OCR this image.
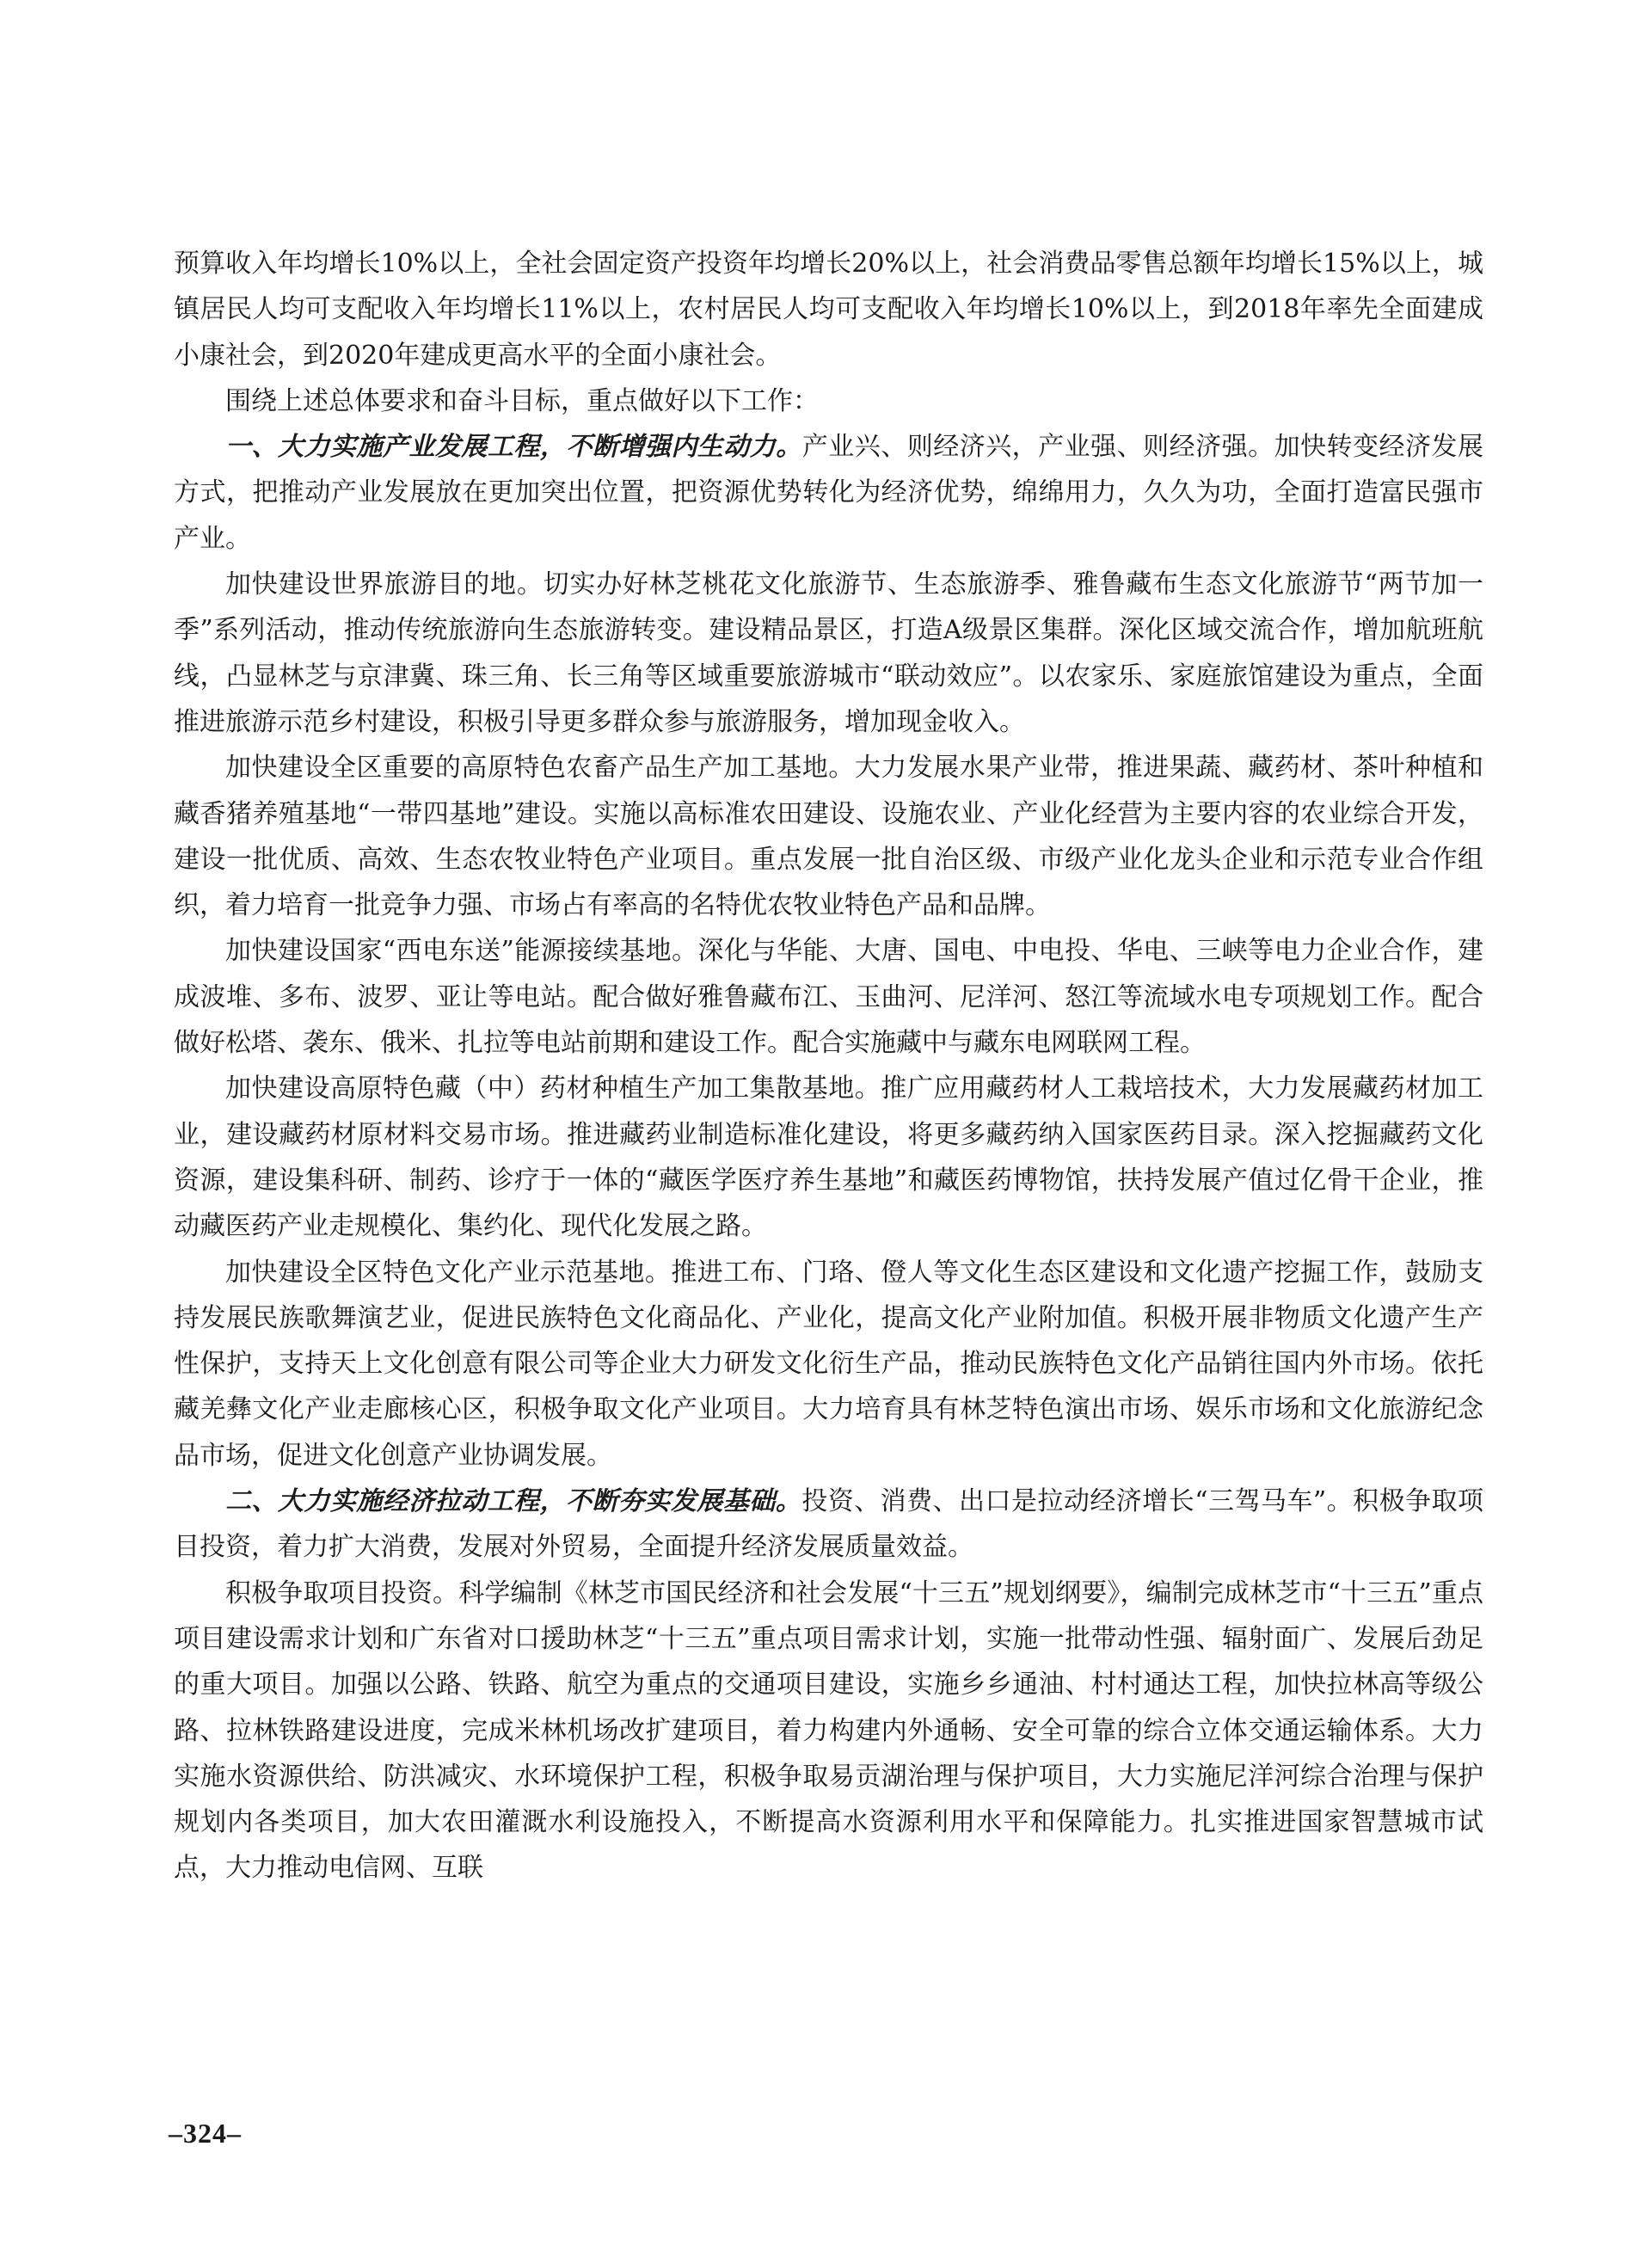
预算收入年均增长10%以上，全社会固定资产投资年均增长20%以上，社会消费品零售总额年均增长15%以上，城镇居民人均可支配收入年均增长11%以上，农村居民人均可支配收入年均增长10%以上，到2018年率先全面建成小康社会，到2020年建成更高水平的全面小康社会。

围绕上述总体要求和奋斗目标，重点做好以下工作：

一、大力实施产业发展工程，不断增强内生动力。产业兴、则经济兴，产业强、则经济强。加快转变经济发展方式，把推动产业发展放在更加突出位置，把资源优势转化为经济优势，绵绵用力，久久为功，全面打造富民强市产业。

加快建设世界旅游目的地。切实办好林芝桃花文化旅游节、生态旅游季、雅鲁藏布生态文化旅游节“两节加一季”系列活动，推动传统旅游向生态旅游转变。建设精品景区，打造A级景区集群。深化区域交流合作，增加航班航线，凸显林芝与京津冀、珠三角、长三角等区域重要旅游城市“联动效应”。以农家乐、家庭旅馆建设为重点，全面推进旅游示范乡村建设，积极引导更多群众参与旅游服务，增加现金收入。

加快建设全区重要的高原特色农畜产品生产加工基地。大力发展水果产业带，推进果蔬、藏药材、茶叶种植和藏香猪养殖基地“一带四基地”建设。实施以高标准农田建设、设施农业、产业化经营为主要内容的农业综合开发，建设一批优质、高效、生态农牧业特色产业项目。重点发展一批自治区级、市级产业化龙头企业和示范专业合作组织，着力培育一批竞争力强、市场占有率高的名特优农牧业特色产品和品牌。

加快建设国家“西电东送”能源接续基地。深化与华能、大唐、国电、中电投、华电、三峡等电力企业合作，建成波堆、多布、波罗、亚让等电站。配合做好雅鲁藏布江、玉曲河、尼洋河、怒江等流域水电专项规划工作。配合做好松塔、袭东、俄米、扎拉等电站前期和建设工作。配合实施藏中与藏东电网联网工程。

加快建设高原特色藏（中）药材种植生产加工集散基地。推广应用藏药材人工栽培技术，大力发展藏药材加工业，建设藏药材原材料交易市场。推进藏药业制造标准化建设，将更多藏药纳入国家医药目录。深入挖掘藏药文化资源，建设集科研、制药、诊疗于一体的“藏医学医疗养生基地”和藏医药博物馆，扶持发展产值过亿骨干企业，推动藏医药产业走规模化、集约化、现代化发展之路。

加快建设全区特色文化产业示范基地。推进工布、门珞、僜人等文化生态区建设和文化遗产挖掘工作，鼓励支持发展民族歌舞演艺业，促进民族特色文化商品化、产业化，提高文化产业附加值。积极开展非物质文化遗产生产性保护，支持天上文化创意有限公司等企业大力研发文化衍生产品，推动民族特色文化产品销往国内外市场。依托藏羌彝文化产业走廊核心区，积极争取文化产业项目。大力培育具有林芝特色演出市场、娱乐市场和文化旅游纪念品市场，促进文化创意产业协调发展。

二、大力实施经济拉动工程，不断夯实发展基础。投资、消费、出口是拉动经济增长“三驾马车”。积极争取项目投资，着力扩大消费，发展对外贸易，全面提升经济发展质量效益。

积极争取项目投资。科学编制《林芝市国民经济和社会发展“十三五”规划纲要》，编制完成林芝市“十三五”重点项目建设需求计划和广东省对口援助林芝“十三五”重点项目需求计划，实施一批带动性强、辐射面广、发展后劲足的重大项目。加强以公路、铁路、航空为重点的交通项目建设，实施乡乡通油、村村通达工程，加快拉林高等级公路、拉林铁路建设进度，完成米林机场改扩建项目，着力构建内外通畅、安全可靠的综合立体交通运输体系。大力实施水资源供给、防洪减灾、水环境保护工程，积极争取易贡湖治理与保护项目，大力实施尼洋河综合治理与保护规划内各类项目，加大农田灌溉水利设施投入，不断提高水资源利用水平和保障能力。扎实推进国家智慧城市试点，大力推动电信网、互联

–324–
